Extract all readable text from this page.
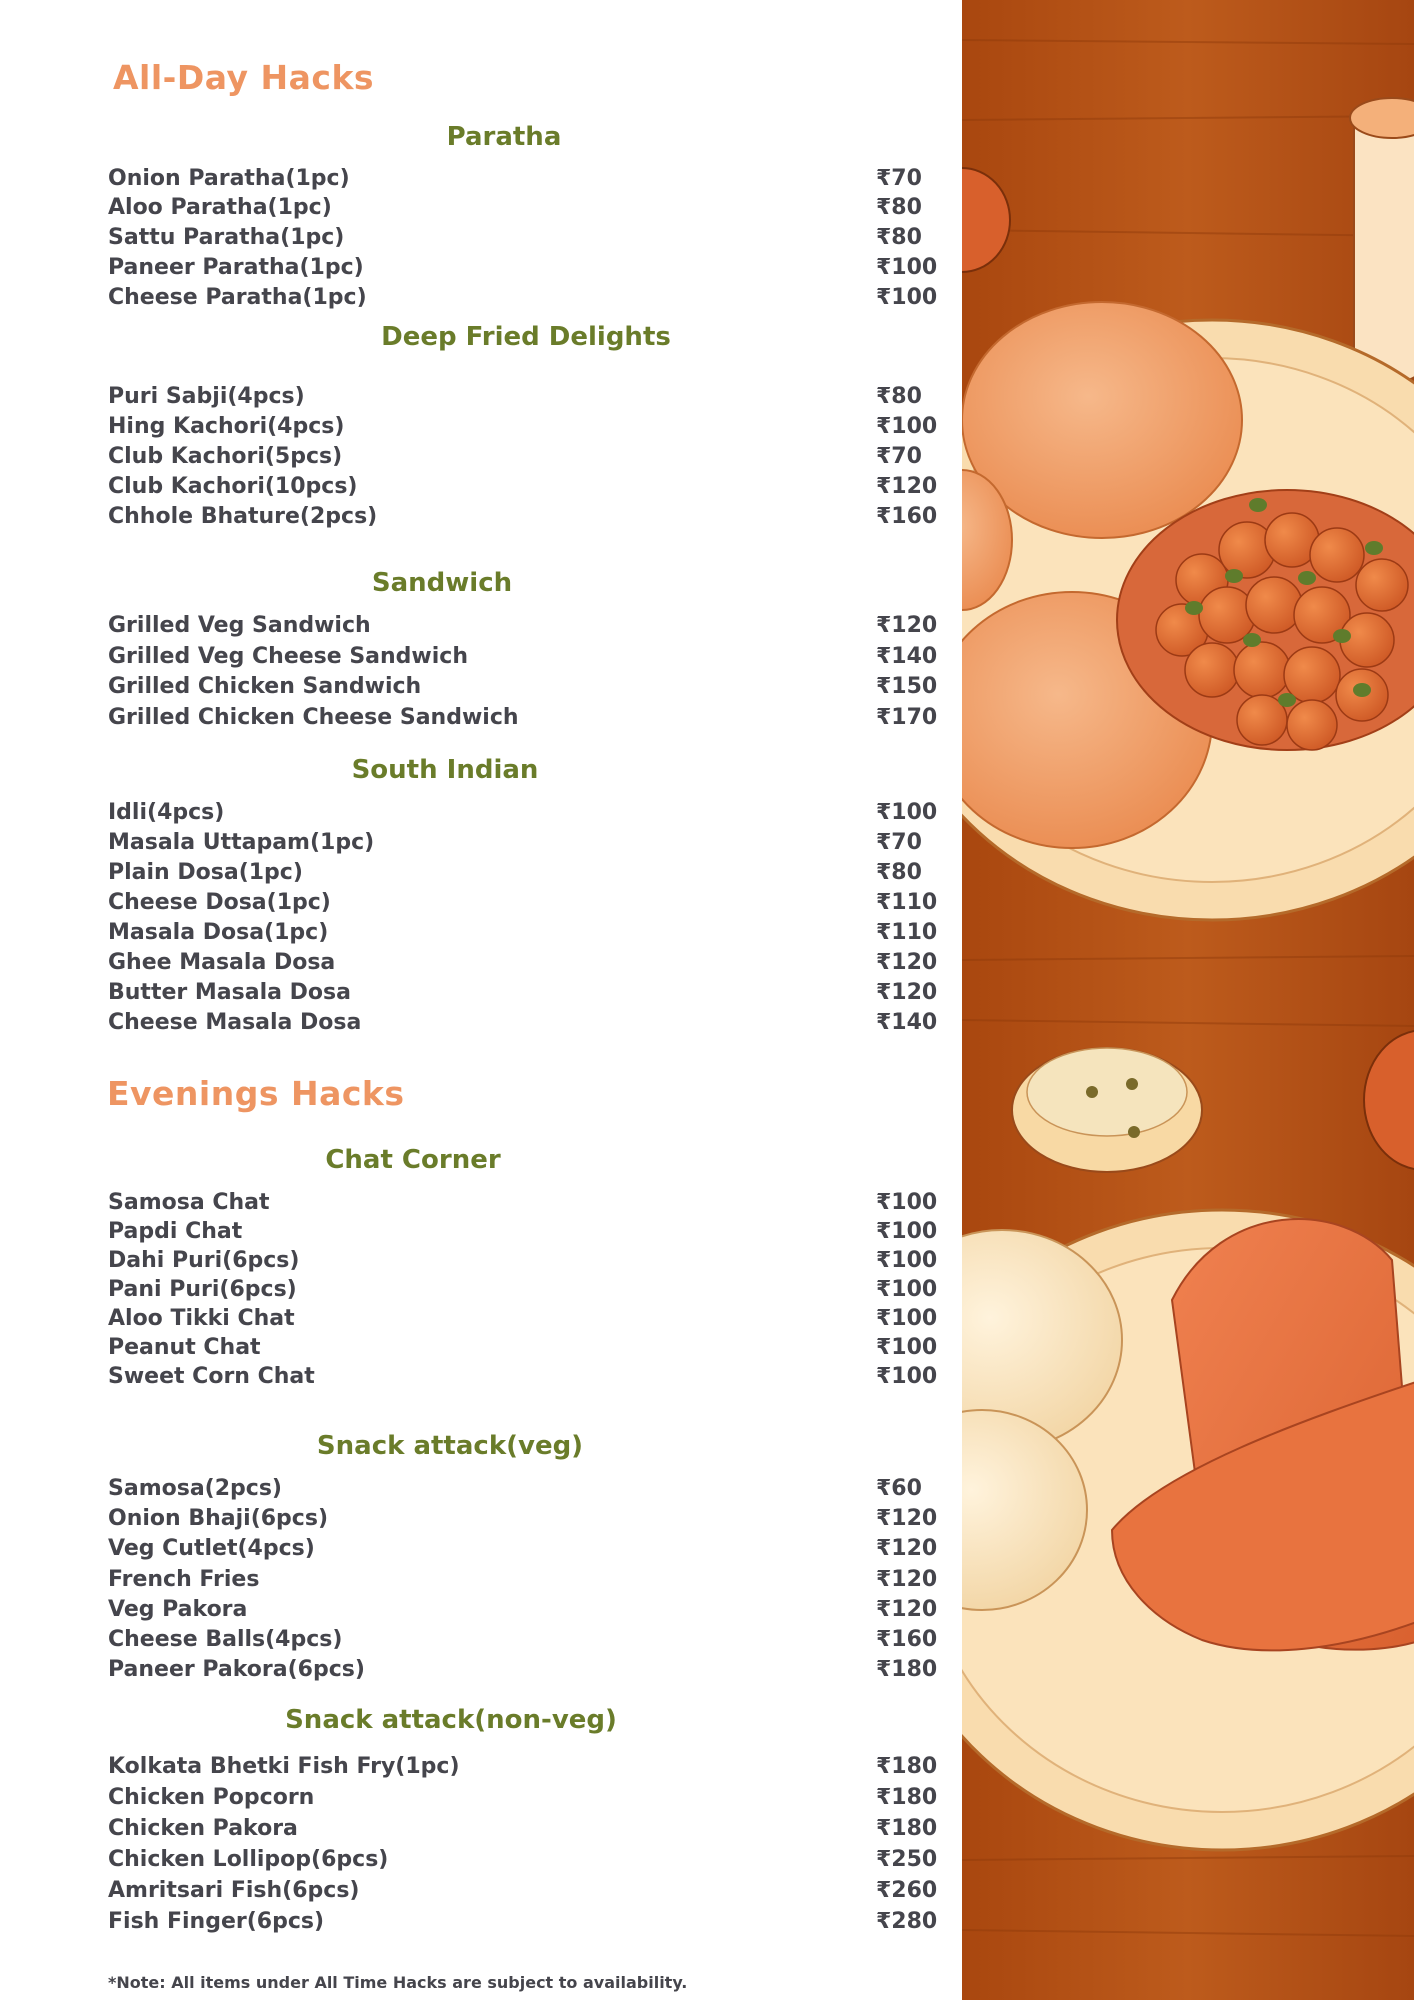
All-Day Hacks
Paratha
Onion Paratha(1pc)	₹70
Aloo Paratha(1pc)	₹80
Sattu Paratha(1pc)	₹80
Paneer Paratha(1pc)	₹100
Cheese Paratha(1pc)	₹100
Deep Fried Delights
Puri Sabji(4pcs)	₹80
Hing Kachori(4pcs)	₹100
Club Kachori(5pcs)	₹70
Club Kachori(10pcs)	₹120
Chhole Bhature(2pcs)	₹160
Sandwich
Grilled Veg Sandwich	₹120
Grilled Veg Cheese Sandwich	₹140
Grilled Chicken Sandwich	₹150
Grilled Chicken Cheese Sandwich	₹170
South Indian
Idli(4pcs)	₹100
Masala Uttapam(1pc)	₹70
Plain Dosa(1pc)	₹80
Cheese Dosa(1pc)	₹110
Masala Dosa(1pc)	₹110
Ghee Masala Dosa	₹120
Butter Masala Dosa	₹120
Cheese Masala Dosa	₹140
Evenings Hacks
Chat Corner
Samosa Chat	₹100
Papdi Chat	₹100
Dahi Puri(6pcs)	₹100
Pani Puri(6pcs)	₹100
Aloo Tikki Chat	₹100
Peanut Chat	₹100
Sweet Corn Chat	₹100
Snack attack(veg)
Samosa(2pcs)	₹60
Onion Bhaji(6pcs)	₹120
Veg Cutlet(4pcs)	₹120
French Fries	₹120
Veg Pakora	₹120
Cheese Balls(4pcs)	₹160
Paneer Pakora(6pcs)	₹180
Snack attack(non-veg)
Kolkata Bhetki Fish Fry(1pc)	₹180
Chicken Popcorn	₹180
Chicken Pakora	₹180
Chicken Lollipop(6pcs)	₹250
Amritsari Fish(6pcs)	₹260
Fish Finger(6pcs)	₹280
*Note: All items under All Time Hacks are subject to availability.
